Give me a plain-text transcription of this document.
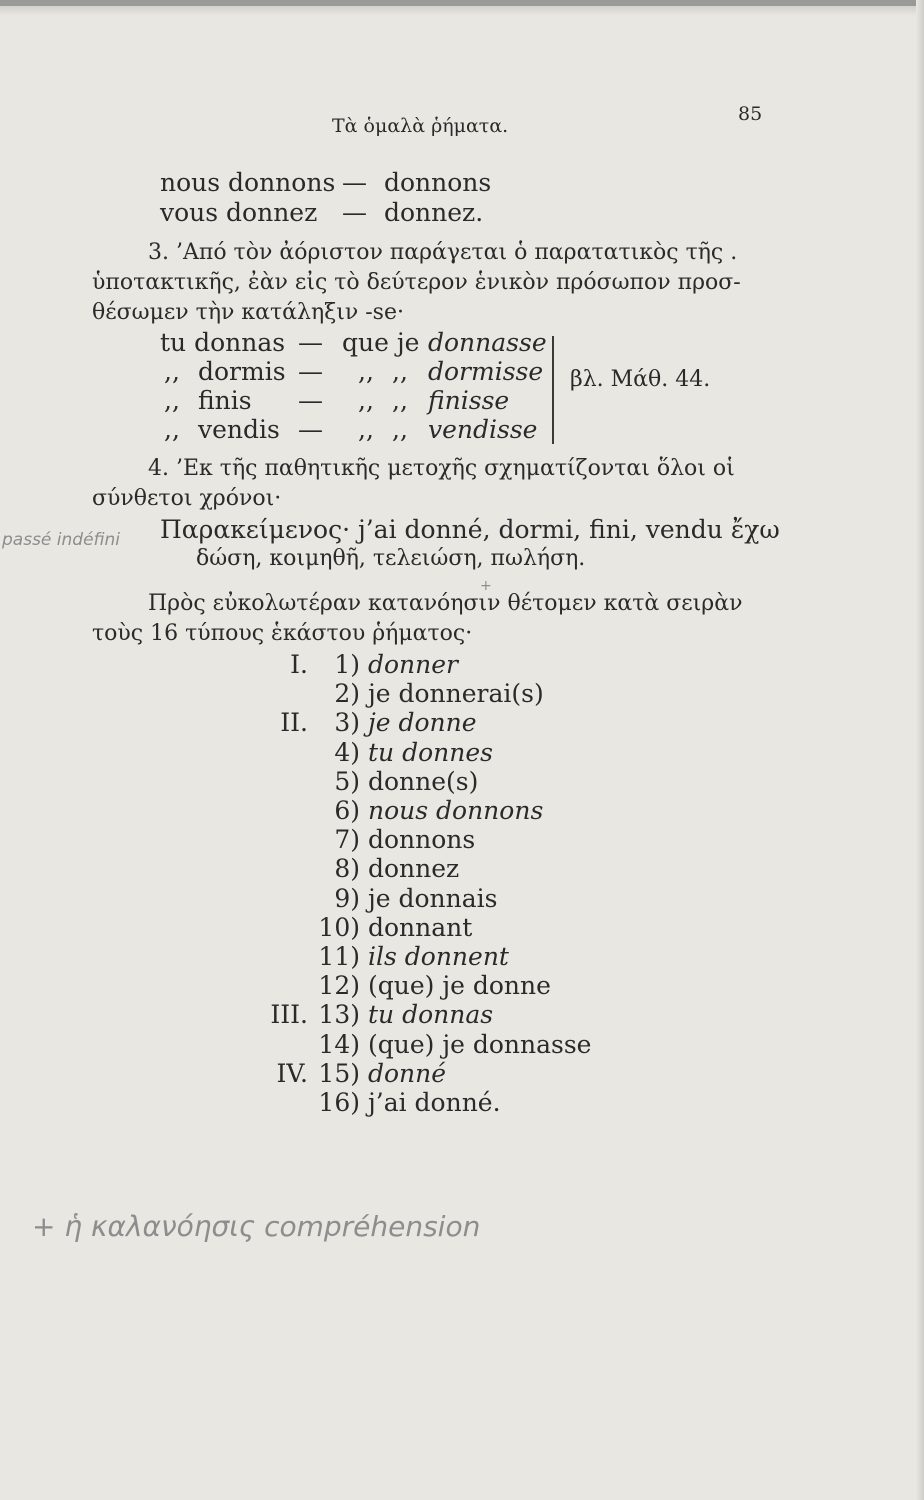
Τὰ ὁμαλὰ ῥήματα.
85
nous donnons — donnons
vous donnez — donnez.
3. ’Από τὸν ἀόριστον παράγεται ὁ παρατατικὸς τῆς .
ὑποτακτικῆς, ἐὰν εἰς τὸ δεύτερον ἑνικὸν πρόσωπον προσ-
θέσωμεν τὴν κατάληξιν -se·
tu donnas — que je donnasse
,, dormis — ,, ,, dormisse
,, finis — ,, ,, finisse
,, vendis — ,, ,, vendisse
βλ. Μάθ. 44.
4. ’Εκ τῆς παθητικῆς μετοχῆς σχηματίζονται ὅλοι οἱ
σύνθετοι χρόνοι·
passé indéfini Παρακείμενος· j’ai donné, dormi, fini, vendu ἔχω
δώση, κοιμηθῆ, τελειώση, πωλήση.
Πρὸς εὐκολωτέραν κατανόησιν θέτομεν κατὰ σειρὰν
+
τοὺς 16 τύπους ἑκάστου ῥήματος·
I.	1) donner
2) je donnerai(s)
II.	3) je donne
4) tu donnes
5) donne(s)
6) nous donnons
7) donnons
8) donnez
9) je donnais
10) donnant
11) ils donnent
12) (que) je donne
III. 13) tu donnas
14) (que) je donnasse
IV. 15) donné
16) j’ai donné.
+ ἡ καλανόησις compréhension
